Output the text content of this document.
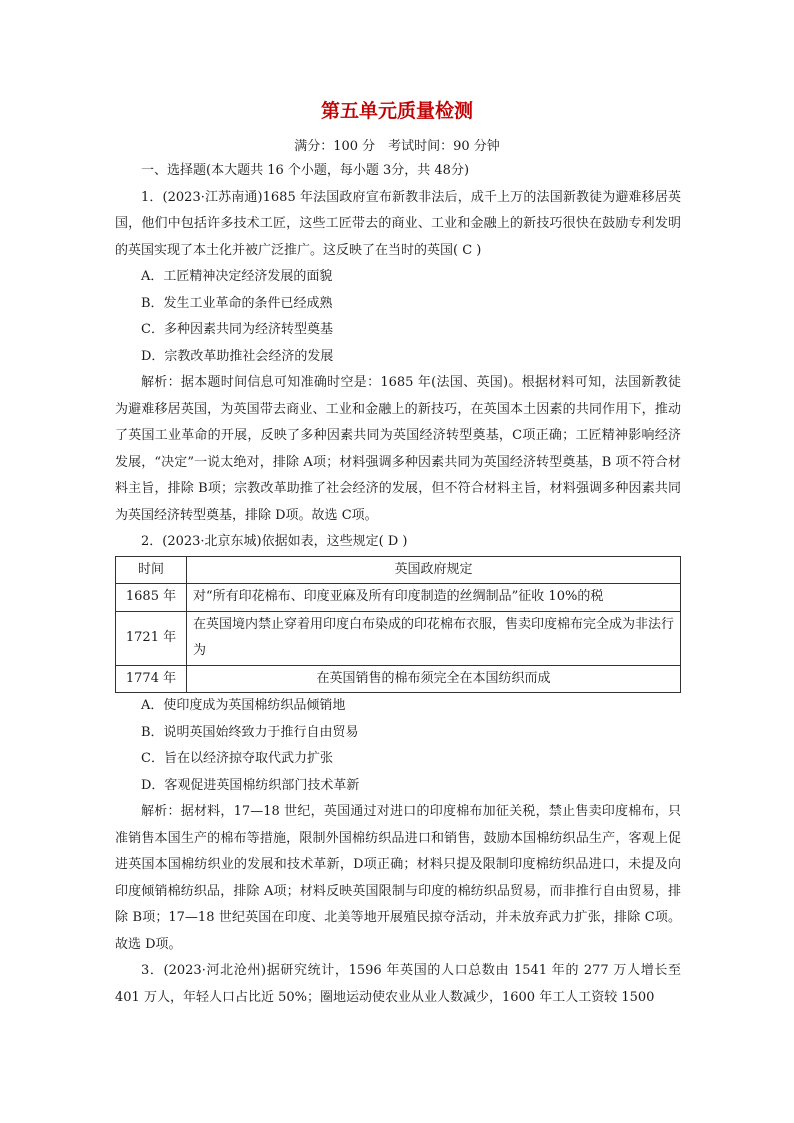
第五单元质量检测
满分：100 分　考试时间：90 分钟

一、选择题(本大题共 16 个小题，每小题 3分，共 48分)

1．(2023·江苏南通)1685 年法国政府宣布新教非法后，成千上万的法国新教徒为避难移居英国，他们中包括许多技术工匠，这些工匠带去的商业、工业和金融上的新技巧很快在鼓励专利发明的英国实现了本土化并被广泛推广。这反映了在当时的英国( C )

A．工匠精神决定经济发展的面貌

B．发生工业革命的条件已经成熟

C．多种因素共同为经济转型奠基

D．宗教改革助推社会经济的发展

解析：据本题时间信息可知准确时空是：1685 年(法国、英国)。根据材料可知，法国新教徒为避难移居英国，为英国带去商业、工业和金融上的新技巧，在英国本土因素的共同作用下，推动了英国工业革命的开展，反映了多种因素共同为英国经济转型奠基，C项正确；工匠精神影响经济发展，“决定”一说太绝对，排除 A项；材料强调多种因素共同为英国经济转型奠基，B 项不符合材料主旨，排除 B项；宗教改革助推了社会经济的发展，但不符合材料主旨，材料强调多种因素共同为英国经济转型奠基，排除 D项。故选 C项。

2．(2023·北京东城)依据如表，这些规定( D )

时间	英国政府规定
1685 年	对“所有印花棉布、印度亚麻及所有印度制造的丝绸制品”征收 10%的税
1721 年	在英国境内禁止穿着用印度白布染成的印花棉布衣服，售卖印度棉布完全成为非法行为
1774 年	在英国销售的棉布须完全在本国纺织而成

A．使印度成为英国棉纺织品倾销地

B．说明英国始终致力于推行自由贸易

C．旨在以经济掠夺取代武力扩张

D．客观促进英国棉纺织部门技术革新

解析：据材料，17—18 世纪，英国通过对进口的印度棉布加征关税，禁止售卖印度棉布，只准销售本国生产的棉布等措施，限制外国棉纺织品进口和销售，鼓励本国棉纺织品生产，客观上促进英国本国棉纺织业的发展和技术革新，D项正确；材料只提及限制印度棉纺织品进口，未提及向印度倾销棉纺织品，排除 A项；材料反映英国限制与印度的棉纺织品贸易，而非推行自由贸易，排除 B项；17—18 世纪英国在印度、北美等地开展殖民掠夺活动，并未放弃武力扩张，排除 C项。故选 D项。

3．(2023·河北沧州)据研究统计，1596 年英国的人口总数由 1541 年的 277 万人增长至 401 万人，年轻人口占比近 50%；圈地运动使农业从业人数减少，1600 年工人工资较 1500
